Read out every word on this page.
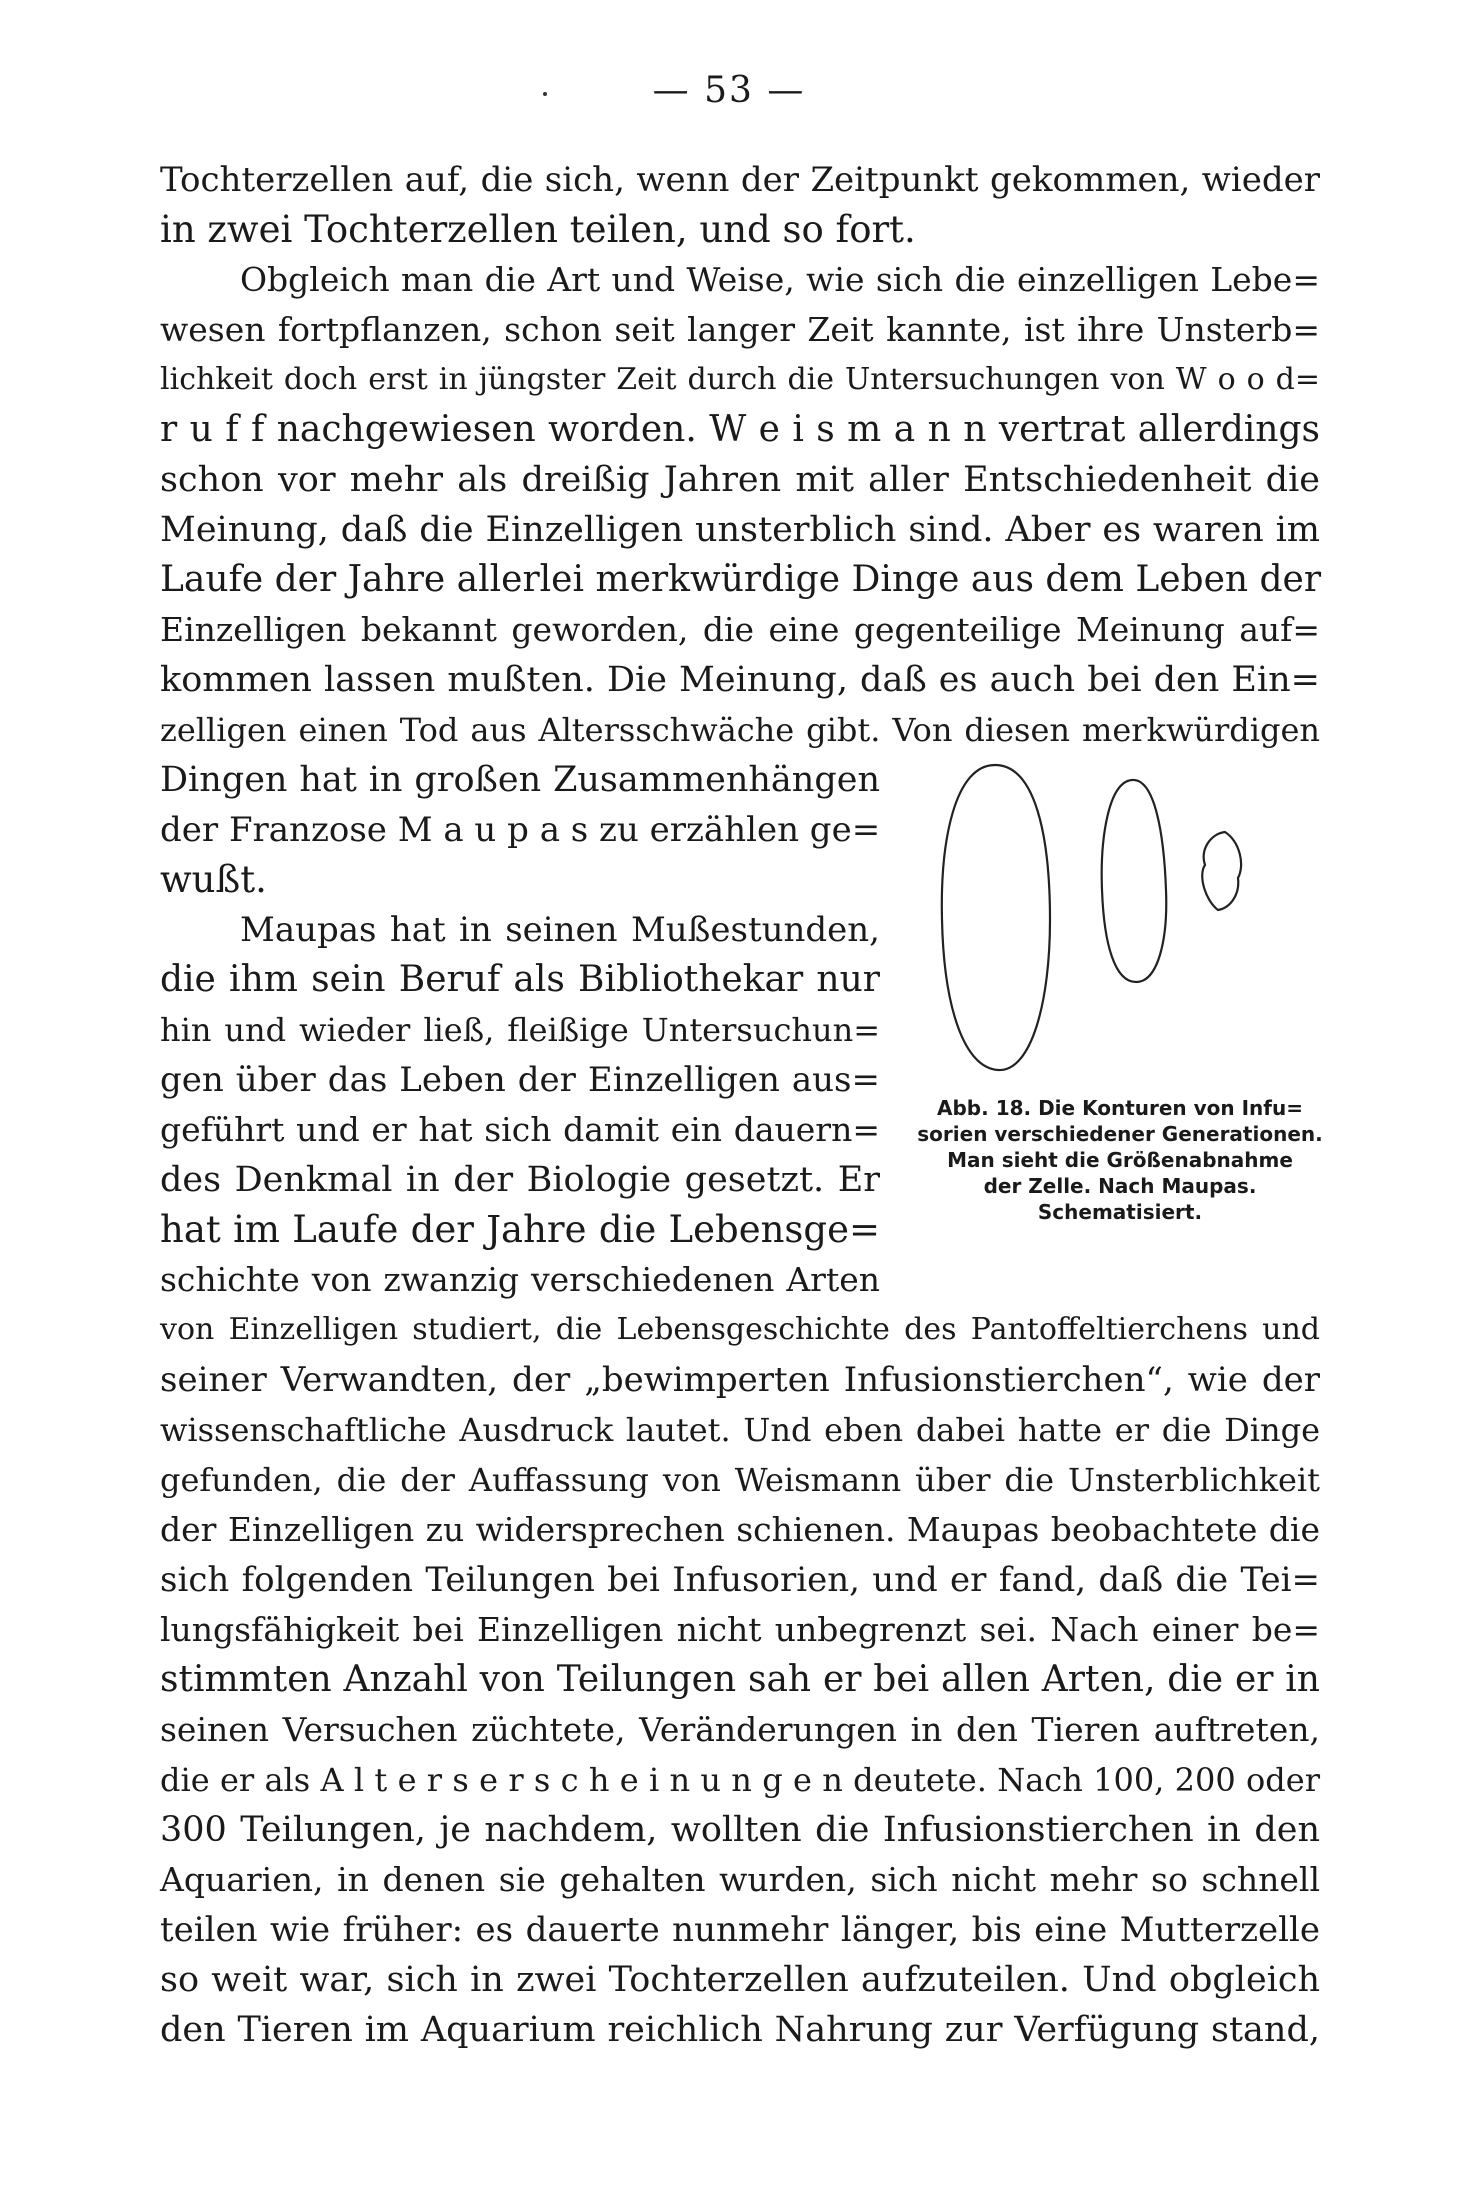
— 53 —
Tochterzellen auf, die sich, wenn der Zeitpunkt gekommen, wieder
in zwei Tochterzellen teilen, und so fort.
Obgleich man die Art und Weise, wie sich die einzelligen Lebe=
wesen fortpflanzen, schon seit langer Zeit kannte, ist ihre Unsterb=
lichkeit doch erst in jüngster Zeit durch die Untersuchungen von W o o d=
r u f f nachgewiesen worden. W e i s m a n n vertrat allerdings
schon vor mehr als dreißig Jahren mit aller Entschiedenheit die
Meinung, daß die Einzelligen unsterblich sind. Aber es waren im
Laufe der Jahre allerlei merkwürdige Dinge aus dem Leben der
Einzelligen bekannt geworden, die eine gegenteilige Meinung auf=
kommen lassen mußten. Die Meinung, daß es auch bei den Ein=
zelligen einen Tod aus Altersschwäche gibt. Von diesen merkwürdigen
Dingen hat in großen Zusammenhängen
der Franzose M a u p a s zu erzählen ge=
wußt.
Maupas hat in seinen Mußestunden,
die ihm sein Beruf als Bibliothekar nur
hin und wieder ließ, fleißige Untersuchun=
gen über das Leben der Einzelligen aus=
geführt und er hat sich damit ein dauern=
des Denkmal in der Biologie gesetzt. Er
hat im Laufe der Jahre die Lebensge=
schichte von zwanzig verschiedenen Arten
Abb. 18. Die Konturen von Infu=
sorien verschiedener Generationen.
Man sieht die Größenabnahme
der Zelle. Nach Maupas.
Schematisiert.
von Einzelligen studiert, die Lebensgeschichte des Pantoffeltierchens und
seiner Verwandten, der „bewimperten Infusionstierchen“, wie der
wissenschaftliche Ausdruck lautet. Und eben dabei hatte er die Dinge
gefunden, die der Auffassung von Weismann über die Unsterblichkeit
der Einzelligen zu widersprechen schienen. Maupas beobachtete die
sich folgenden Teilungen bei Infusorien, und er fand, daß die Tei=
lungsfähigkeit bei Einzelligen nicht unbegrenzt sei. Nach einer be=
stimmten Anzahl von Teilungen sah er bei allen Arten, die er in
seinen Versuchen züchtete, Veränderungen in den Tieren auftreten,
die er als A l t e r s e r s c h e i n u n g e n deutete. Nach 100, 200 oder
300 Teilungen, je nachdem, wollten die Infusionstierchen in den
Aquarien, in denen sie gehalten wurden, sich nicht mehr so schnell
teilen wie früher: es dauerte nunmehr länger, bis eine Mutterzelle
so weit war, sich in zwei Tochterzellen aufzuteilen. Und obgleich
den Tieren im Aquarium reichlich Nahrung zur Verfügung stand,
